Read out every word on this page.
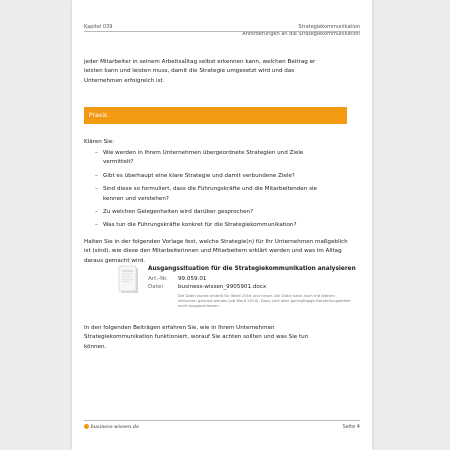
Kapitel 039	Strategiekommunikation
Anforderungen an die Strategiekommunikation
jeder Mitarbeiter in seinem Arbeitsalltag selbst erkennen kann, welchen Beitrag er leisten kann und leisten muss, damit die Strategie umgesetzt wird und das Unternehmen erfolgreich ist.
Praxis
Klären Sie:
– Wie werden in Ihrem Unternehmen übergeordnete Strategien und Ziele vermittelt?
– Gibt es überhaupt eine klare Strategie und damit verbundene Ziele?
– Sind diese so formuliert, dass die Führungskräfte und die Mitarbeitenden sie kennen und verstehen?
– Zu welchen Gelegenheiten wird darüber gesprochen?
– Was tun die Führungskräfte konkret für die Strategiekommunikation?
Halten Sie in der folgenden Vorlage fest, welche Strategie(n) für Ihr Unternehmen maßgeblich ist (sind), wie diese den Mitarbeiterinnen und Mitarbeitern erklärt werden und was im Alltag daraus gemacht wird.
Ausgangssituation für die Strategiekommunikation analysieren
Art.-Nr. 99.059.01
Datei	business-wissen_9905901.docx
Die Datei wurde erstellt für Word 2016 und neuer. Die Datei kann auch mit älteren Versionen genutzt werden (ab Word 2010). Dazu sind aber geringfügige Darstellungsfehler nicht ausgeschlossen.
In den folgenden Beiträgen erfahren Sie, wie in Ihrem Unternehmen Strategiekommunikation funktioniert, worauf Sie achten sollten und was Sie tun können.
business-wissen.de	Seite 4
